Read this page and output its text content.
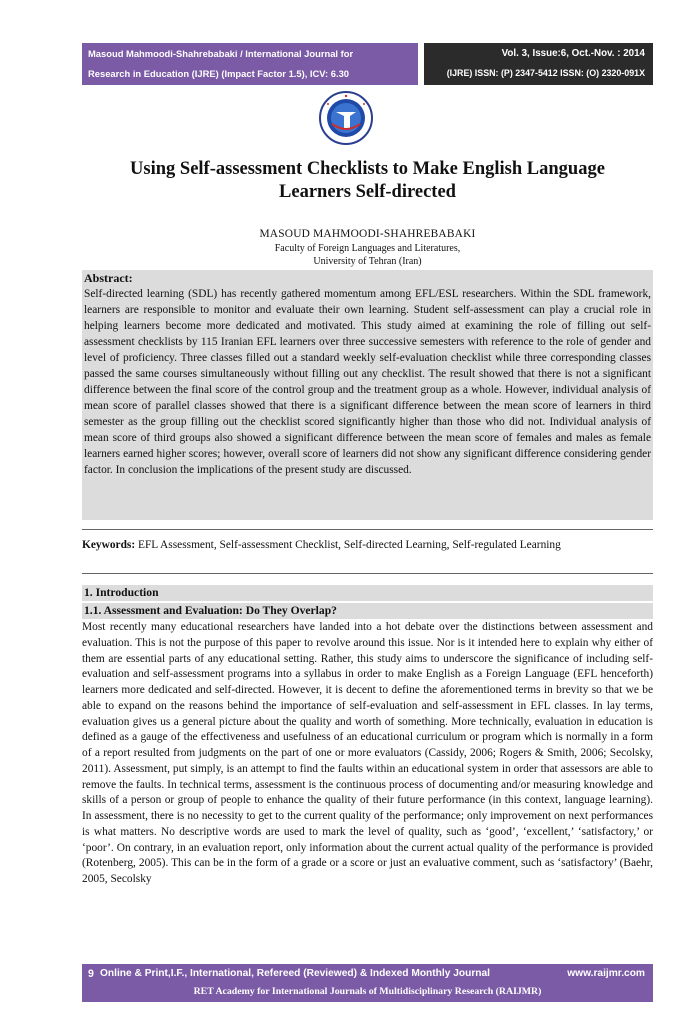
Masoud Mahmoodi-Shahrebabaki / International Journal for
Research in Education (IJRE) (Impact Factor 1.5), ICV: 6.30
Vol. 3, Issue:6, Oct.-Nov. : 2014
(IJRE) ISSN: (P) 2347-5412 ISSN: (O) 2320-091X
Using Self-assessment Checklists to Make English Language
Learners Self-directed
MASOUD MAHMOODI-SHAHREBABAKI
Faculty of Foreign Languages and Literatures,
University of Tehran (Iran)
Abstract:
Self-directed learning (SDL) has recently gathered momentum among EFL/ESL researchers. Within the SDL framework, learners are responsible to monitor and evaluate their own learning. Student self-assessment can play a crucial role in helping learners become more dedicated and motivated. This study aimed at examining the role of filling out self-assessment checklists by 115 Iranian EFL learners over three successive semesters with reference to the role of gender and level of proficiency. Three classes filled out a standard weekly self-evaluation checklist while three corresponding classes passed the same courses simultaneously without filling out any checklist. The result showed that there is not a significant difference between the final score of the control group and the treatment group as a whole. However, individual analysis of mean score of parallel classes showed that there is a significant difference between the mean score of learners in third semester as the group filling out the checklist scored significantly higher than those who did not. Individual analysis of mean score of third groups also showed a significant difference between the mean score of females and males as female learners earned higher scores; however, overall score of learners did not show any significant difference considering gender factor. In conclusion the implications of the present study are discussed.
Keywords: EFL Assessment, Self-assessment Checklist, Self-directed Learning, Self-regulated Learning
1. Introduction
1.1. Assessment and Evaluation: Do They Overlap?
Most recently many educational researchers have landed into a hot debate over the distinctions between assessment and evaluation. This is not the purpose of this paper to revolve around this issue. Nor is it intended here to explain why either of them are essential parts of any educational setting. Rather, this study aims to underscore the significance of including self-evaluation and self-assessment programs into a syllabus in order to make English as a Foreign Language (EFL henceforth) learners more dedicated and self-directed. However, it is decent to define the aforementioned terms in brevity so that we be able to expand on the reasons behind the importance of self-evaluation and self-assessment in EFL classes. In lay terms, evaluation gives us a general picture about the quality and worth of something. More technically, evaluation in education is defined as a gauge of the effectiveness and usefulness of an educational curriculum or program which is normally in a form of a report resulted from judgments on the part of one or more evaluators (Cassidy, 2006; Rogers & Smith, 2006; Secolsky, 2011). Assessment, put simply, is an attempt to find the faults within an educational system in order that assessors are able to remove the faults. In technical terms, assessment is the continuous process of documenting and/or measuring knowledge and skills of a person or group of people to enhance the quality of their future performance (in this context, language learning). In assessment, there is no necessity to get to the current quality of the performance; only improvement on next performances is what matters. No descriptive words are used to mark the level of quality, such as ‘good’, ‘excellent,’ ‘satisfactory,’ or ‘poor’. On contrary, in an evaluation report, only information about the current actual quality of the performance is provided (Rotenberg, 2005). This can be in the form of a grade or a score or just an evaluative comment, such as ‘satisfactory’ (Baehr, 2005, Secolsky
9 Online & Print,I.F., International, Refereed (Reviewed) & Indexed Monthly Journal	www.raijmr.com
RET Academy for International Journals of Multidisciplinary Research (RAIJMR)
